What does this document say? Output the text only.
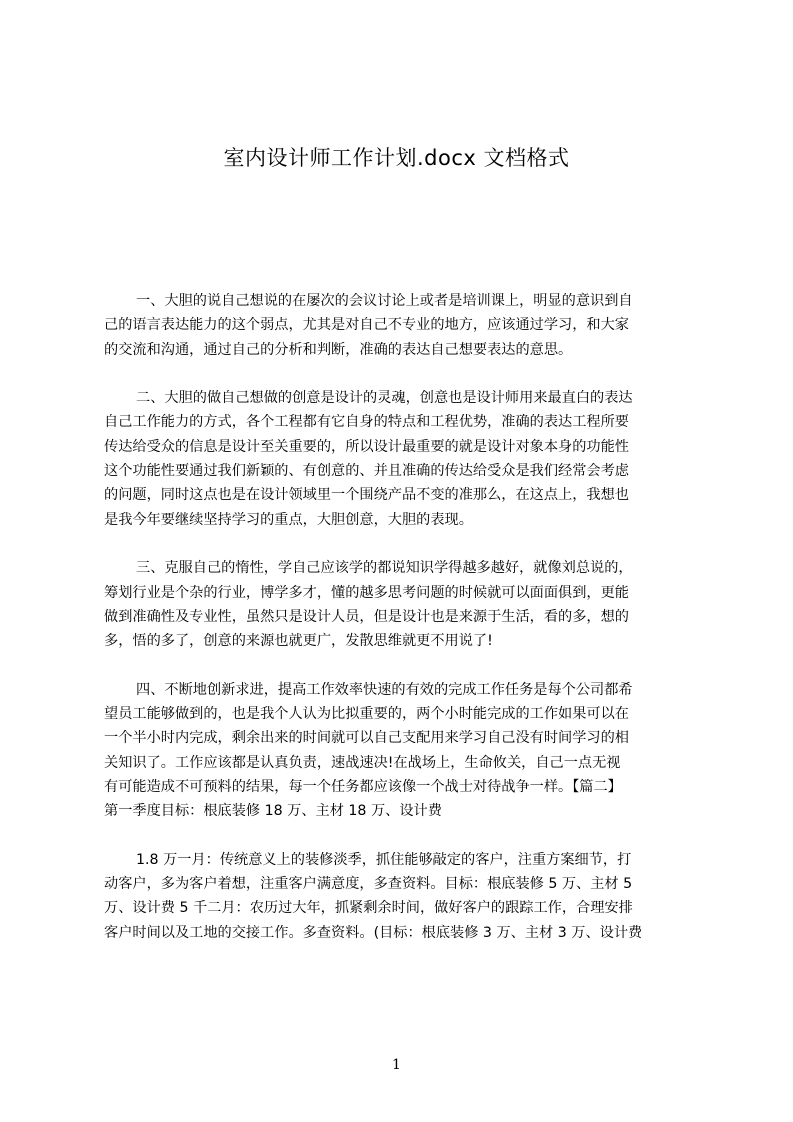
室内设计师工作计划.docx 文档格式
一、大胆的说自己想说的在屡次的会议讨论上或者是培训课上，明显的意识到自
己的语言表达能力的这个弱点，尤其是对自己不专业的地方，应该通过学习，和大家
的交流和沟通，通过自己的分析和判断，准确的表达自己想要表达的意思。
二、大胆的做自己想做的创意是设计的灵魂，创意也是设计师用来最直白的表达
自己工作能力的方式，各个工程都有它自身的特点和工程优势，准确的表达工程所要
传达给受众的信息是设计至关重要的，所以设计最重要的就是设计对象本身的功能性
这个功能性要通过我们新颖的、有创意的、并且准确的传达给受众是我们经常会考虑
的问题，同时这点也是在设计领域里一个围绕产品不变的准那么，在这点上，我想也
是我今年要继续坚持学习的重点，大胆创意，大胆的表现。
三、克服自己的惰性，学自己应该学的都说知识学得越多越好，就像刘总说的，
筹划行业是个杂的行业，博学多才，懂的越多思考问题的时候就可以面面俱到，更能
做到准确性及专业性，虽然只是设计人员，但是设计也是来源于生活，看的多，想的
多，悟的多了，创意的来源也就更广，发散思维就更不用说了!
四、不断地创新求进，提高工作效率快速的有效的完成工作任务是每个公司都希
望员工能够做到的，也是我个人认为比拟重要的，两个小时能完成的工作如果可以在
一个半小时内完成，剩余出来的时间就可以自己支配用来学习自己没有时间学习的相
关知识了。工作应该都是认真负责，速战速决!在战场上，生命攸关，自己一点无视
有可能造成不可预料的结果，每一个任务都应该像一个战士对待战争一样。【篇二】
第一季度目标：根底装修 18 万、主材 18 万、设计费
1.8 万一月：传统意义上的装修淡季，抓住能够敲定的客户，注重方案细节，打
动客户，多为客户着想，注重客户满意度，多查资料。目标：根底装修 5 万、主材 5
万、设计费 5 千二月：农历过大年，抓紧剩余时间，做好客户的跟踪工作，合理安排
客户时间以及工地的交接工作。多查资料。(目标：根底装修 3 万、主材 3 万、设计费
1
